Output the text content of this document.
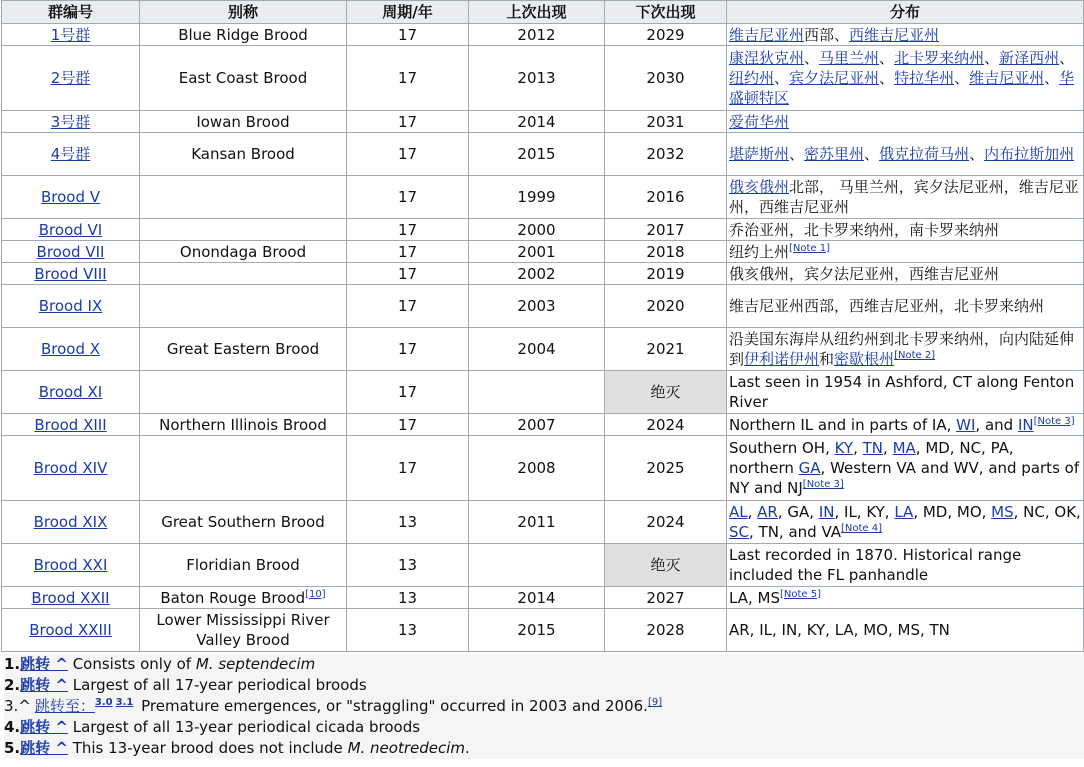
群编号	别称	周期/年	上次出现	下次出现	分布
1号群	Blue Ridge Brood	17	2012	2029	维吉尼亚州西部、西维吉尼亚州
2号群	East Coast Brood	17	2013	2030	康涅狄克州、马里兰州、北卡罗来纳州、新泽西州、纽约州、宾夕法尼亚州、特拉华州、维吉尼亚州、华盛顿特区
3号群	Iowan Brood	17	2014	2031	爱荷华州
4号群	Kansan Brood	17	2015	2032	堪萨斯州、密苏里州、俄克拉荷马州、内布拉斯加州
Brood V		17	1999	2016	俄亥俄州北部， 马里兰州，宾夕法尼亚州，维吉尼亚州，西维吉尼亚州
Brood VI		17	2000	2017	乔治亚州，北卡罗来纳州，南卡罗来纳州
Brood VII	Onondaga Brood	17	2001	2018	纽约上州[Note 1]
Brood VIII		17	2002	2019	俄亥俄州，宾夕法尼亚州，西维吉尼亚州
Brood IX		17	2003	2020	维吉尼亚州西部，西维吉尼亚州，北卡罗来纳州
Brood X	Great Eastern Brood	17	2004	2021	沿美国东海岸从纽约州到北卡罗来纳州，向内陆延伸到伊利诺伊州和密歇根州[Note 2]
Brood XI		17		绝灭	Last seen in 1954 in Ashford, CT along Fenton River
Brood XIII	Northern Illinois Brood	17	2007	2024	Northern IL and in parts of IA, WI, and IN[Note 3]
Brood XIV		17	2008	2025	Southern OH, KY, TN, MA, MD, NC, PA, northern GA, Western VA and WV, and parts of NY and NJ[Note 3]
Brood XIX	Great Southern Brood	13	2011	2024	AL, AR, GA, IN, IL, KY, LA, MD, MO, MS, NC, OK, SC, TN, and VA[Note 4]
Brood XXI	Floridian Brood	13		绝灭	Last recorded in 1870. Historical range included the FL panhandle
Brood XXII	Baton Rouge Brood[10]	13	2014	2027	LA, MS[Note 5]
Brood XXIII	Lower Mississippi River Valley Brood	13	2015	2028	AR, IL, IN, KY, LA, MO, MS, TN
1.跳转 ^ Consists only of M. septendecim
2.跳转 ^ Largest of all 17-year periodical broods
3.^ 跳转至：$^{3.0}$ $^{3.1}$ Premature emergences, or "straggling" occurred in 2003 and 2006.[9]
4.跳转 ^ Largest of all 13-year periodical cicada broods
5.跳转 ^ This 13-year brood does not include M. neotredecim.
